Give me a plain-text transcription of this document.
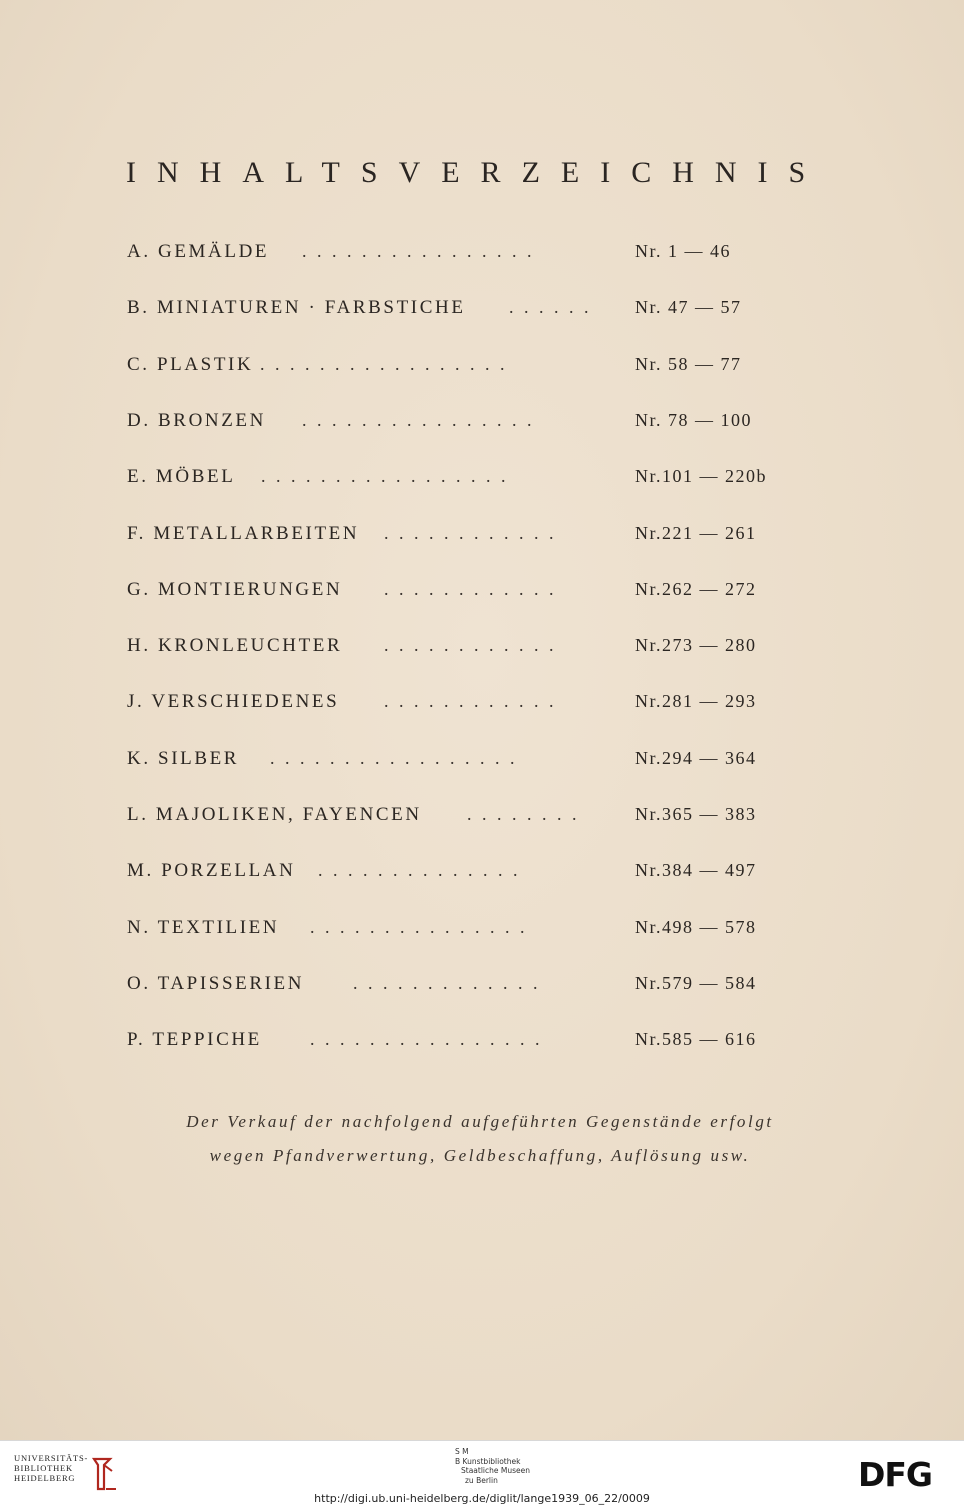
INHALTSVERZEICHNIS
A. GEMÄLDE . . . . . . . . . . . . . . . .	Nr. 1 — 46
B. MINIATUREN · FARBSTICHE . . . . . . Nr. 47 — 57
C. PLASTIK . . . . . . . . . . . . . . . . .	Nr. 58 — 77
D. BRONZEN . . . . . . . . . . . . . . . .	Nr. 78 — 100
E. MÖBEL . . . . . . . . . . . . . . . . .	Nr.101 — 220b
F. METALLARBEITEN . . . . . . . . . . . .	Nr.221 — 261
G. MONTIERUNGEN . . . . . . . . . . . .	Nr.262 — 272
H. KRONLEUCHTER . . . . . . . . . . . .	Nr.273 — 280
J. VERSCHIEDENES . . . . . . . . . . . .	Nr.281 — 293
K. SILBER . . . . . . . . . . . . . . . . .	Nr.294 — 364
L. MAJOLIKEN, FAYENCEN	. . . . . . . .	Nr.365 — 383
M. PORZELLAN . . . . . . . . . . . . . .	Nr.384 — 497
N. TEXTILIEN . . . . . . . . . . . . . . .	Nr.498 — 578
O. TAPISSERIEN	. . . . . . . . . . . . .	Nr.579 — 584
P. TEPPICHE	. . . . . . . . . . . . . . . .	Nr.585 — 616
Der Verkauf der nachfolgend aufgeführten Gegenstände erfolgt
wegen Pfandverwertung, Geldbeschaffung, Auflösung usw.
UNIVERSITÄTS-
BIBLIOTHEK
HEIDELBERG
S M
B Kunstbibliothek
Staatliche Museen
zu Berlin
http://digi.ub.uni-heidelberg.de/diglit/lange1939_06_22/0009
DFG
